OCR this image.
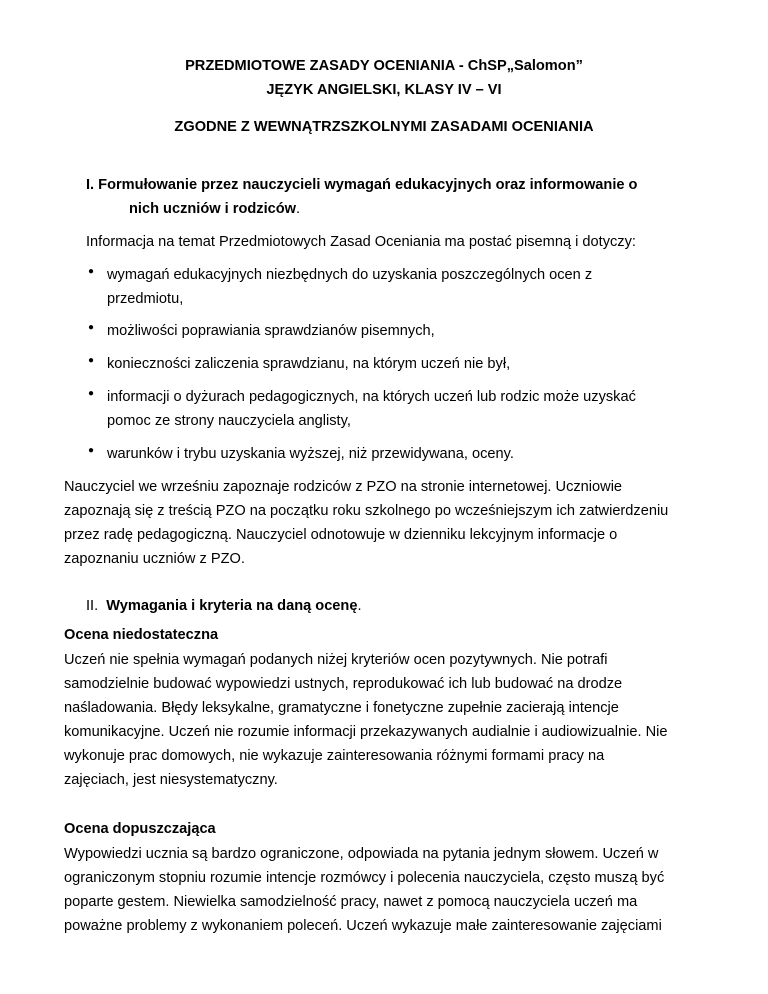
PRZEDMIOTOWE ZASADY OCENIANIA - ChSP„Salomon”
JĘZYK ANGIELSKI, KLASY IV – VI
ZGODNE Z WEWNĄTRZSZKOLNYMI ZASADAMI OCENIANIA
I. Formułowanie przez nauczycieli wymagań edukacyjnych oraz informowanie o
nich uczniów i rodziców.
Informacja na temat Przedmiotowych Zasad Oceniania ma postać pisemną i dotyczy:
● wymagań edukacyjnych niezbędnych do uzyskania poszczególnych ocen z
przedmiotu,
● możliwości poprawiania sprawdzianów pisemnych,
● konieczności zaliczenia sprawdzianu, na którym uczeń nie był,
● informacji o dyżurach pedagogicznych, na których uczeń lub rodzic może uzyskać
pomoc ze strony nauczyciela anglisty,
● warunków i trybu uzyskania wyższej, niż przewidywana, oceny.
Nauczyciel we wrześniu zapoznaje rodziców z PZO na stronie internetowej. Uczniowie
zapoznają się z treścią PZO na początku roku szkolnego po wcześniejszym ich zatwierdzeniu
przez radę pedagogiczną. Nauczyciel odnotowuje w dzienniku lekcyjnym informacje o
zapoznaniu uczniów z PZO.
II. Wymagania i kryteria na daną ocenę.
Ocena niedostateczna
Uczeń nie spełnia wymagań podanych niżej kryteriów ocen pozytywnych. Nie potrafi
samodzielnie budować wypowiedzi ustnych, reprodukować ich lub budować na drodze
naśladowania. Błędy leksykalne, gramatyczne i fonetyczne zupełnie zacierają intencje
komunikacyjne. Uczeń nie rozumie informacji przekazywanych audialnie i audiowizualnie. Nie
wykonuje prac domowych, nie wykazuje zainteresowania różnymi formami pracy na
zajęciach, jest niesystematyczny.
Ocena dopuszczająca
Wypowiedzi ucznia są bardzo ograniczone, odpowiada na pytania jednym słowem. Uczeń w
ograniczonym stopniu rozumie intencje rozmówcy i polecenia nauczyciela, często muszą być
poparte gestem. Niewielka samodzielność pracy, nawet z pomocą nauczyciela uczeń ma
poważne problemy z wykonaniem poleceń. Uczeń wykazuje małe zainteresowanie zajęciami
